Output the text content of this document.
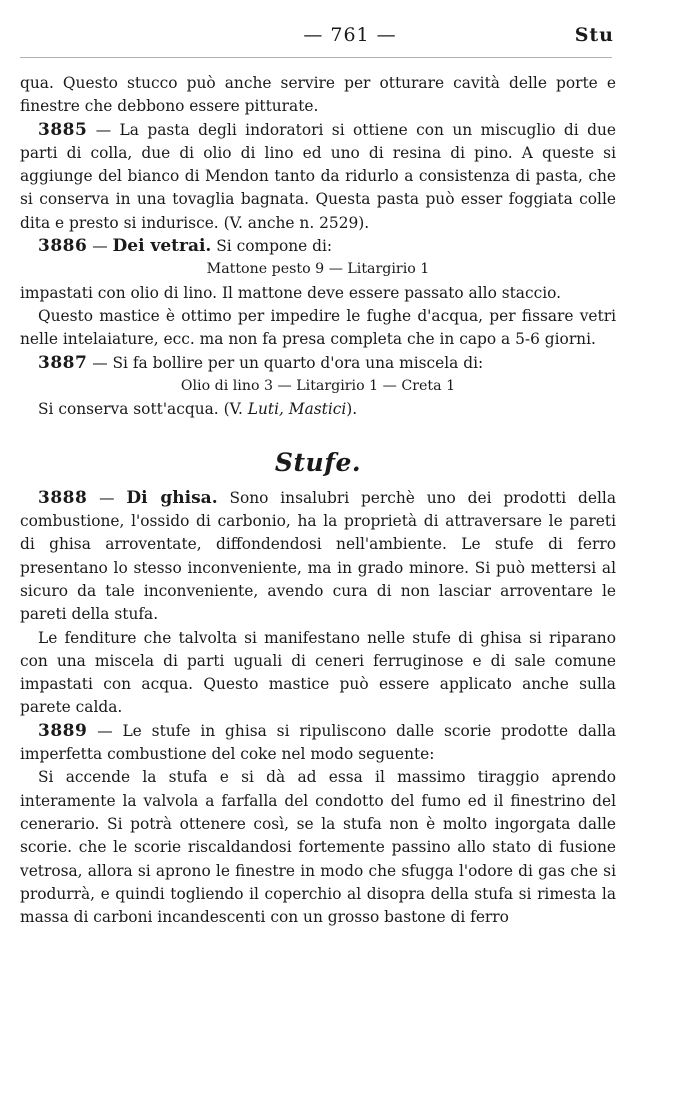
— 761 —	Stu

qua. Questo stucco può anche servire per otturare cavità delle porte e finestre che debbono essere pitturate.

3885 — La pasta degli indoratori si ottiene con un miscuglio di due parti di colla, due di olio di lino ed uno di resina di pino. A queste si aggiunge del bianco di Mendon tanto da ridurlo a consistenza di pasta, che si conserva in una tovaglia bagnata. Questa pasta può esser foggiata colle dita e presto si indurisce. (V. anche n. 2529).

3886 — Dei vetrai. Si compone di:

Mattone pesto 9 — Litargirio 1

impastati con olio di lino. Il mattone deve essere passato allo staccio.

Questo mastice è ottimo per impedire le fughe d'acqua, per fissare vetri nelle intelaiature, ecc. ma non fa presa completa che in capo a 5-6 giorni.

3887 — Si fa bollire per un quarto d'ora una miscela di:

Olio di lino 3 — Litargirio 1 — Creta 1

Si conserva sott'acqua. (V. Luti, Mastici).

Stufe.

3888 — Di ghisa. Sono insalubri perchè uno dei prodotti della combustione, l'ossido di carbonio, ha la proprietà di attraversare le pareti di ghisa arroventate, diffondendosi nell'ambiente. Le stufe di ferro presentano lo stesso inconveniente, ma in grado minore. Si può mettersi al sicuro da tale inconveniente, avendo cura di non lasciar arroventare le pareti della stufa.

Le fenditure che talvolta si manifestano nelle stufe di ghisa si riparano con una miscela di parti uguali di ceneri ferruginose e di sale comune impastati con acqua. Questo mastice può essere applicato anche sulla parete calda.

3889 — Le stufe in ghisa si ripuliscono dalle scorie prodotte dalla imperfetta combustione del coke nel modo seguente:

Si accende la stufa e si dà ad essa il massimo tiraggio aprendo interamente la valvola a farfalla del condotto del fumo ed il finestrino del cenerario. Si potrà ottenere così, se la stufa non è molto ingorgata dalle scorie. che le scorie riscaldandosi fortemente passino allo stato di fusione vetrosa, allora si aprono le finestre in modo che sfugga l'odore di gas che si produrrà, e quindi togliendo il coperchio al disopra della stufa si rimesta la massa di carboni incandescenti con un grosso bastone di ferro
